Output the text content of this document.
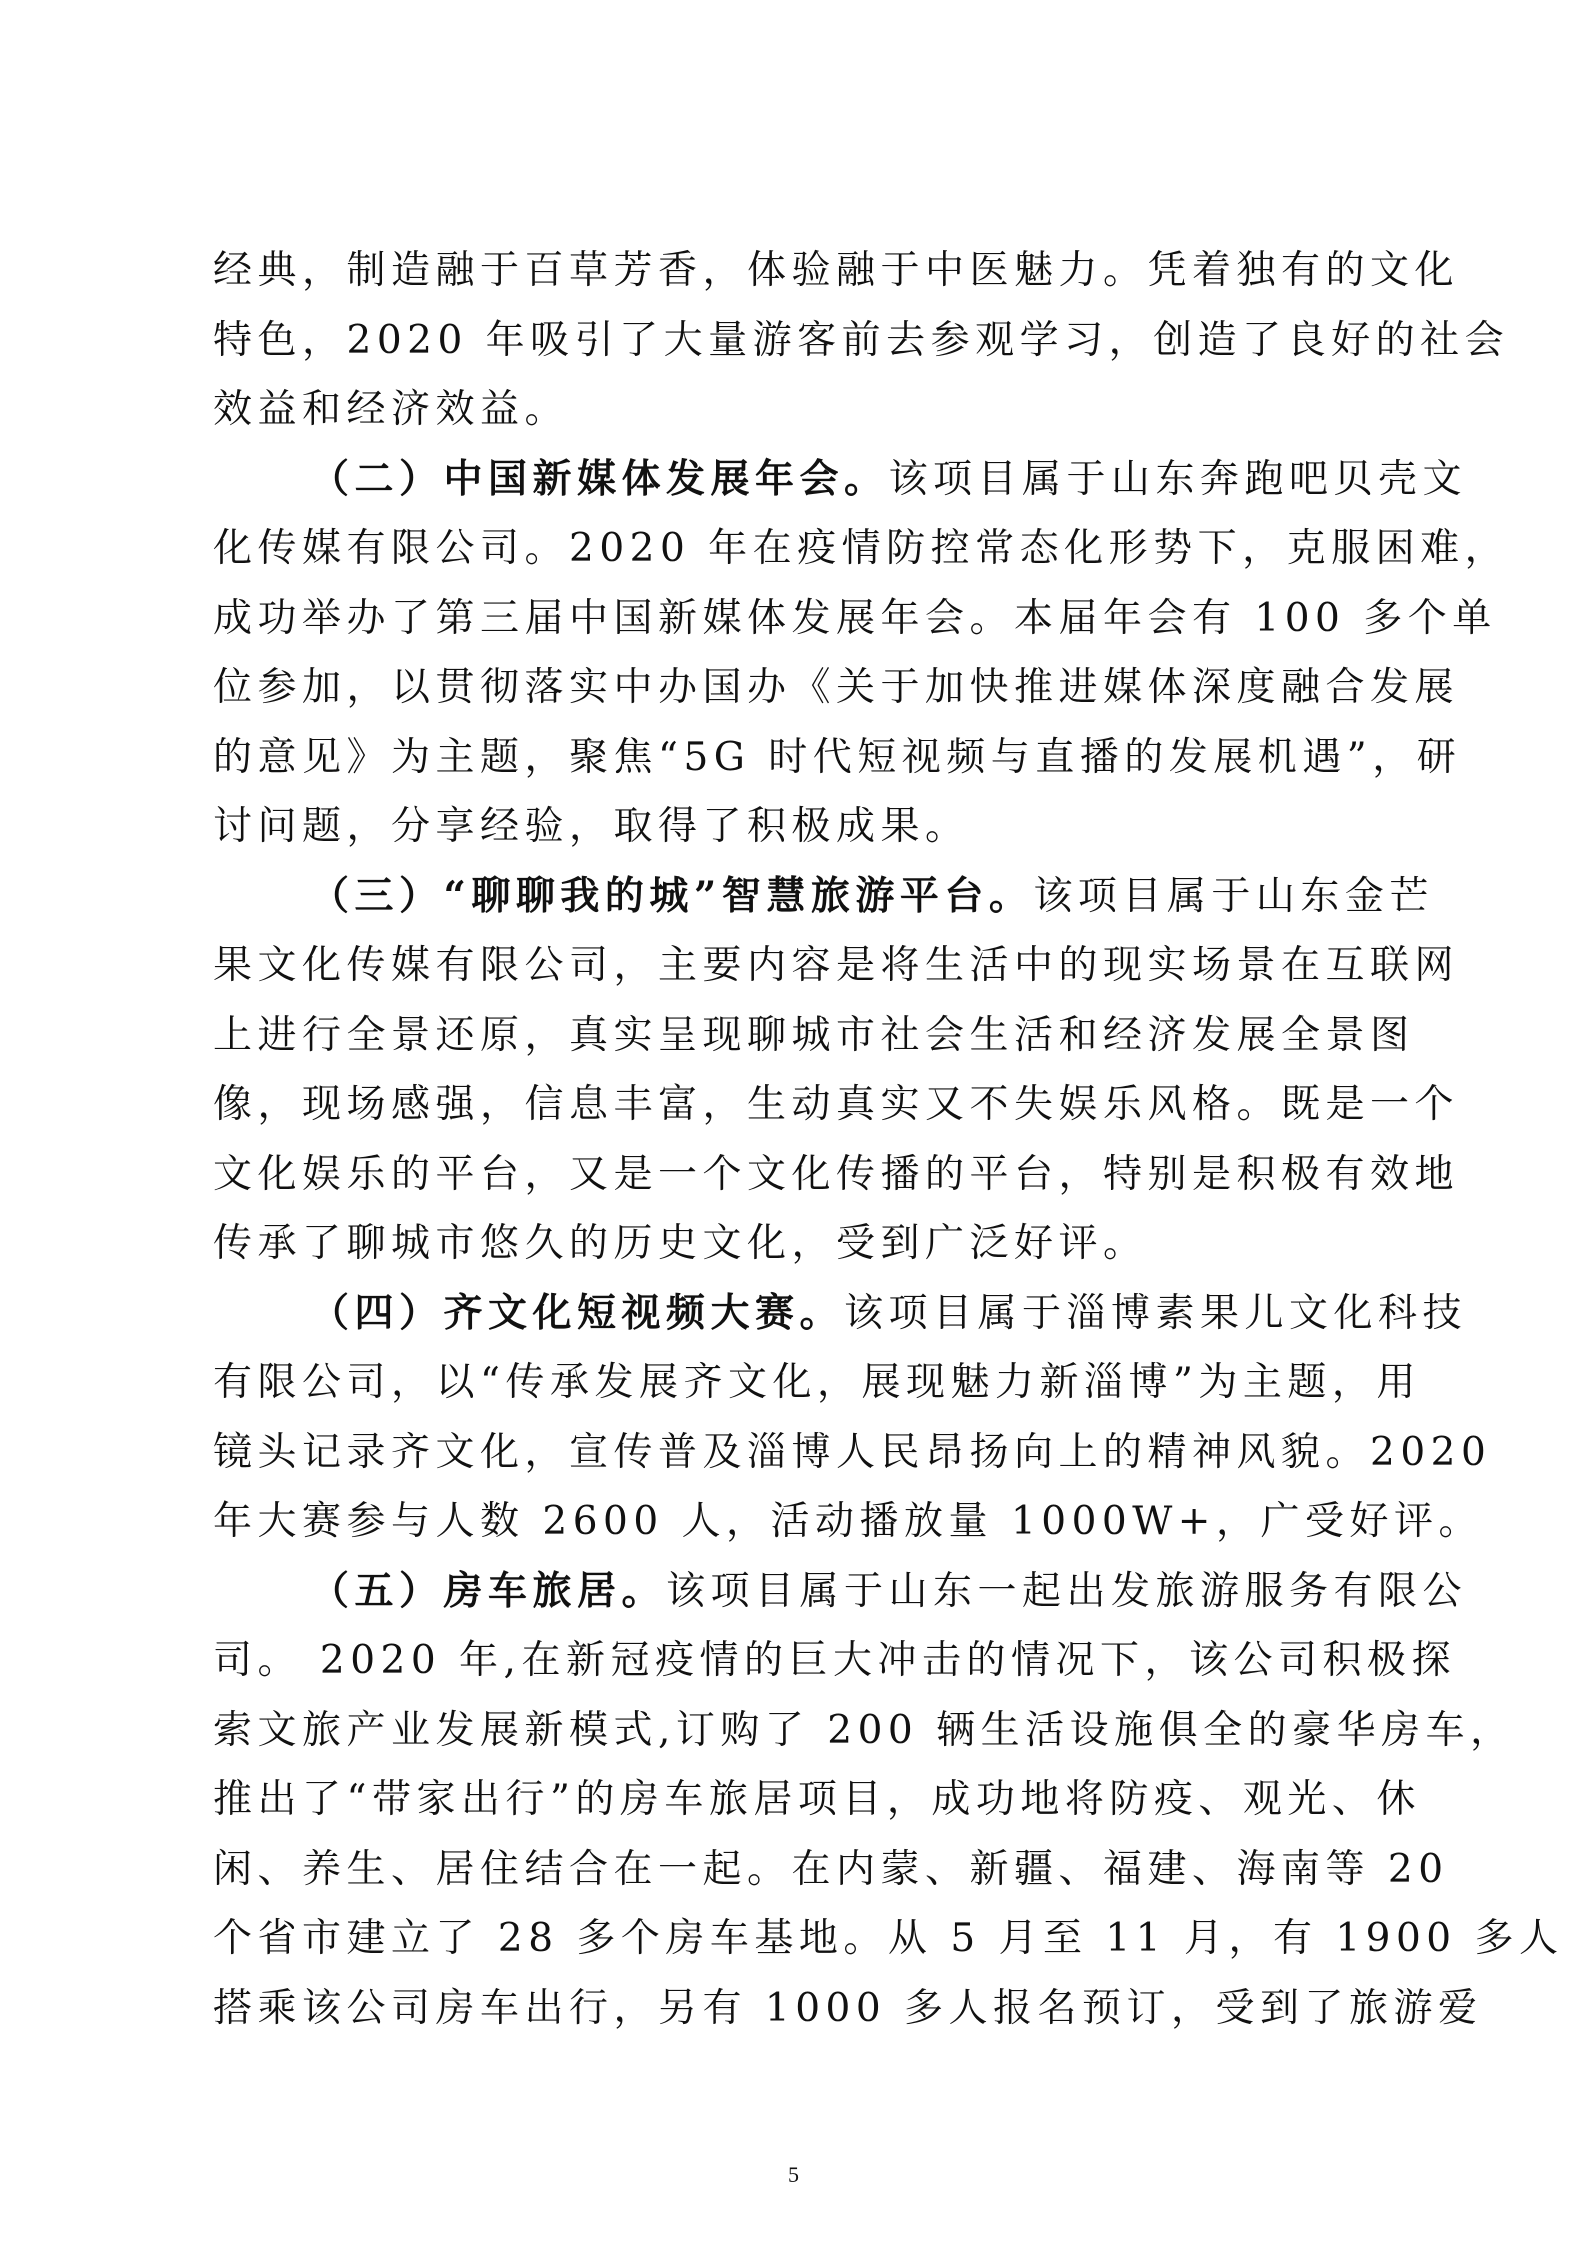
经典，制造融于百草芳香，体验融于中医魅力。凭着独有的文化
特色，2020 年吸引了大量游客前去参观学习，创造了良好的社会
效益和经济效益。
（二）中国新媒体发展年会。该项目属于山东奔跑吧贝壳文
化传媒有限公司。2020 年在疫情防控常态化形势下，克服困难，
成功举办了第三届中国新媒体发展年会。本届年会有 100 多个单
位参加，以贯彻落实中办国办《关于加快推进媒体深度融合发展
的意见》为主题，聚焦“5G 时代短视频与直播的发展机遇”，研
讨问题，分享经验，取得了积极成果。
（三）“聊聊我的城”智慧旅游平台。该项目属于山东金芒
果文化传媒有限公司，主要内容是将生活中的现实场景在互联网
上进行全景还原，真实呈现聊城市社会生活和经济发展全景图
像，现场感强，信息丰富，生动真实又不失娱乐风格。既是一个
文化娱乐的平台，又是一个文化传播的平台，特别是积极有效地
传承了聊城市悠久的历史文化，受到广泛好评。
（四）齐文化短视频大赛。该项目属于淄博素果儿文化科技
有限公司，以“传承发展齐文化，展现魅力新淄博”为主题，用
镜头记录齐文化，宣传普及淄博人民昂扬向上的精神风貌。2020
年大赛参与人数 2600 人，活动播放量 1000W+，广受好评。
（五）房车旅居。该项目属于山东一起出发旅游服务有限公
司。 2020 年,在新冠疫情的巨大冲击的情况下，该公司积极探
索文旅产业发展新模式,订购了 200 辆生活设施俱全的豪华房车，
推出了“带家出行”的房车旅居项目，成功地将防疫、观光、休
闲、养生、居住结合在一起。在内蒙、新疆、福建、海南等 20
个省市建立了 28 多个房车基地。从 5 月至 11 月，有 1900 多人
搭乘该公司房车出行，另有 1000 多人报名预订，受到了旅游爱
5
